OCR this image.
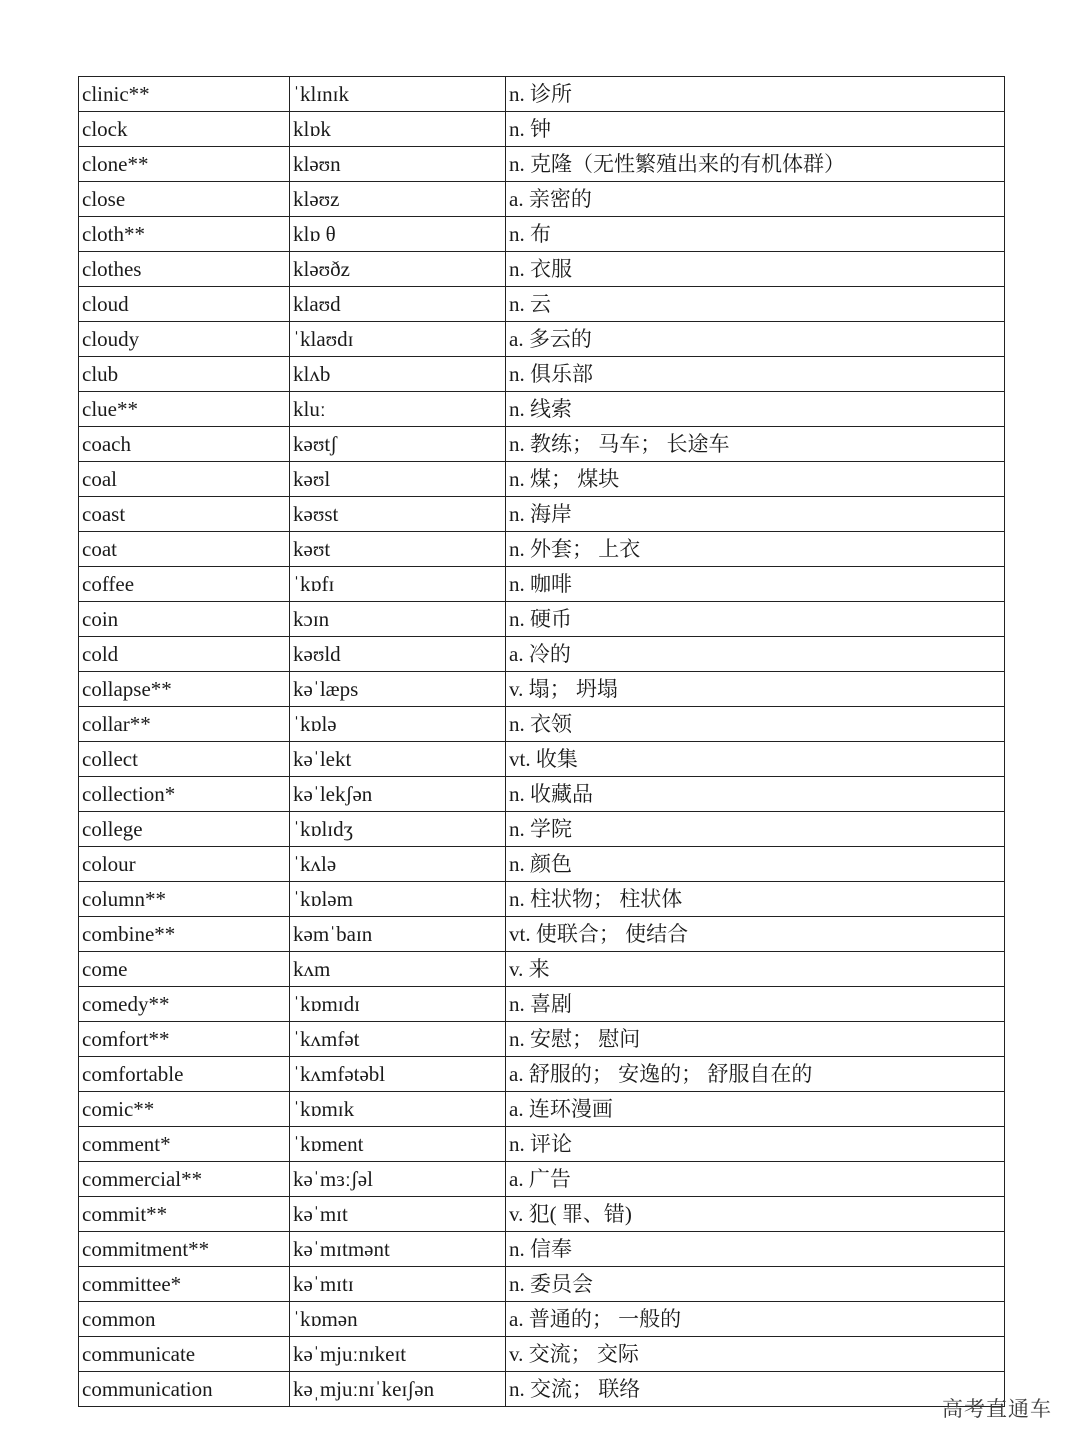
clinic**	ˈklɪnɪk	n. 诊所
clock	klɒk	n. 钟
clone**	kləʊn	n. 克隆（无性繁殖出来的有机体群）
close	kləʊz	a. 亲密的
cloth**	klɒ θ	n. 布
clothes	kləʊðz	n. 衣服
cloud	klaʊd	n. 云
cloudy	ˈklaʊdɪ	a. 多云的
club	klʌb	n. 俱乐部
clue**	kluː	n. 线索
coach	kəʊtʃ	n. 教练； 马车； 长途车
coal	kəʊl	n. 煤； 煤块
coast	kəʊst	n. 海岸
coat	kəʊt	n. 外套； 上衣
coffee	ˈkɒfɪ	n. 咖啡
coin	kɔɪn	n. 硬币
cold	kəʊld	a. 冷的
collapse**	kəˈlæps	v. 塌； 坍塌
collar**	ˈkɒlə	n. 衣领
collect	kəˈlekt	vt. 收集
collection*	kəˈlekʃən	n. 收藏品
college	ˈkɒlɪdʒ	n. 学院
colour	ˈkʌlə	n. 颜色
column**	ˈkɒləm	n. 柱状物； 柱状体
combine**	kəmˈbaɪn	vt. 使联合； 使结合
come	kʌm	v. 来
comedy**	ˈkɒmɪdɪ	n. 喜剧
comfort**	ˈkʌmfət	n. 安慰； 慰问
comfortable	ˈkʌmfətəbl	a. 舒服的； 安逸的； 舒服自在的
comic**	ˈkɒmɪk	a. 连环漫画
comment*	ˈkɒment	n. 评论
commercial**	kəˈmɜːʃəl	a. 广告
commit**	kəˈmɪt	v. 犯( 罪、错)
commitment**	kəˈmɪtmənt	n. 信奉
committee*	kəˈmɪtɪ	n. 委员会
common	ˈkɒmən	a. 普通的； 一般的
communicate	kəˈmjuːnɪkeɪt	v. 交流； 交际
communication	kəˌmjuːnɪˈkeɪʃən	n. 交流； 联络
高考直通车
